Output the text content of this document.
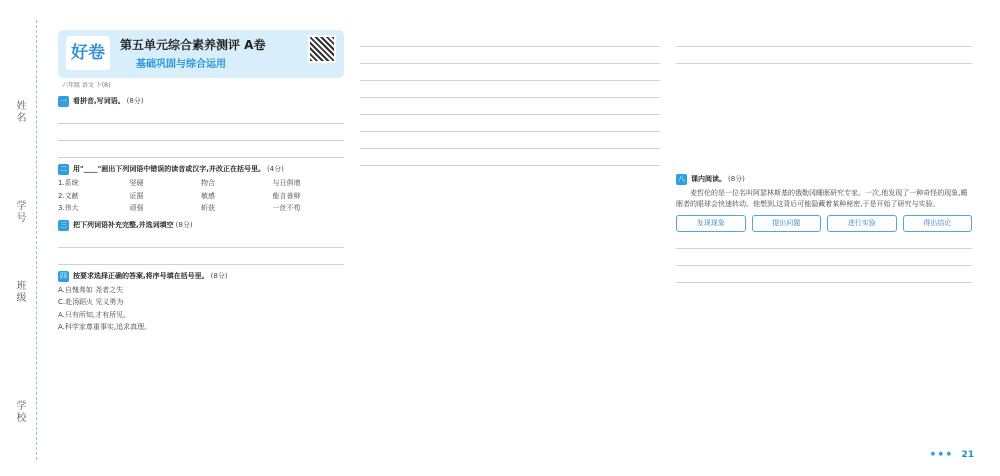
姓名
学号
班级
学校
好卷	第五单元综合素养测评 A卷
基础巩固与综合运用
六年级 语文 下(R)
一 看拼音,写词语。 (8分)
二 用"____"画出下列词语中错误的读音或汉字,并改正在括号里。 (4分)
1.系统	坚硬	物合	与日俱增
2.文献	证据	敏感	能言善辩
3.伟大	顽强	斩获	一丝不苟
三 把下列词语补充完整,并选词填空 (8分)
四 按要求选择正确的答案,将序号填在括号里。 (8分)
A.自愧弗如 尧者之失
C.赴汤蹈火 见义勇为
A.只有所知,才有所见。
A.科学家尊重事实,追求真理。
八 课内阅读。 (8分)
麦哲伦的是一位名叫阿瑟林斯基的俄勒冈睡眠研究专家。一次,他发现了一种奇怪的现象,睡眠者的眼球会快速转动。他想到,这背后可能隐藏着某种秘密,于是开始了研究与实验。
发现现象	提出问题	进行实验	得出结论
● ● ● 21
